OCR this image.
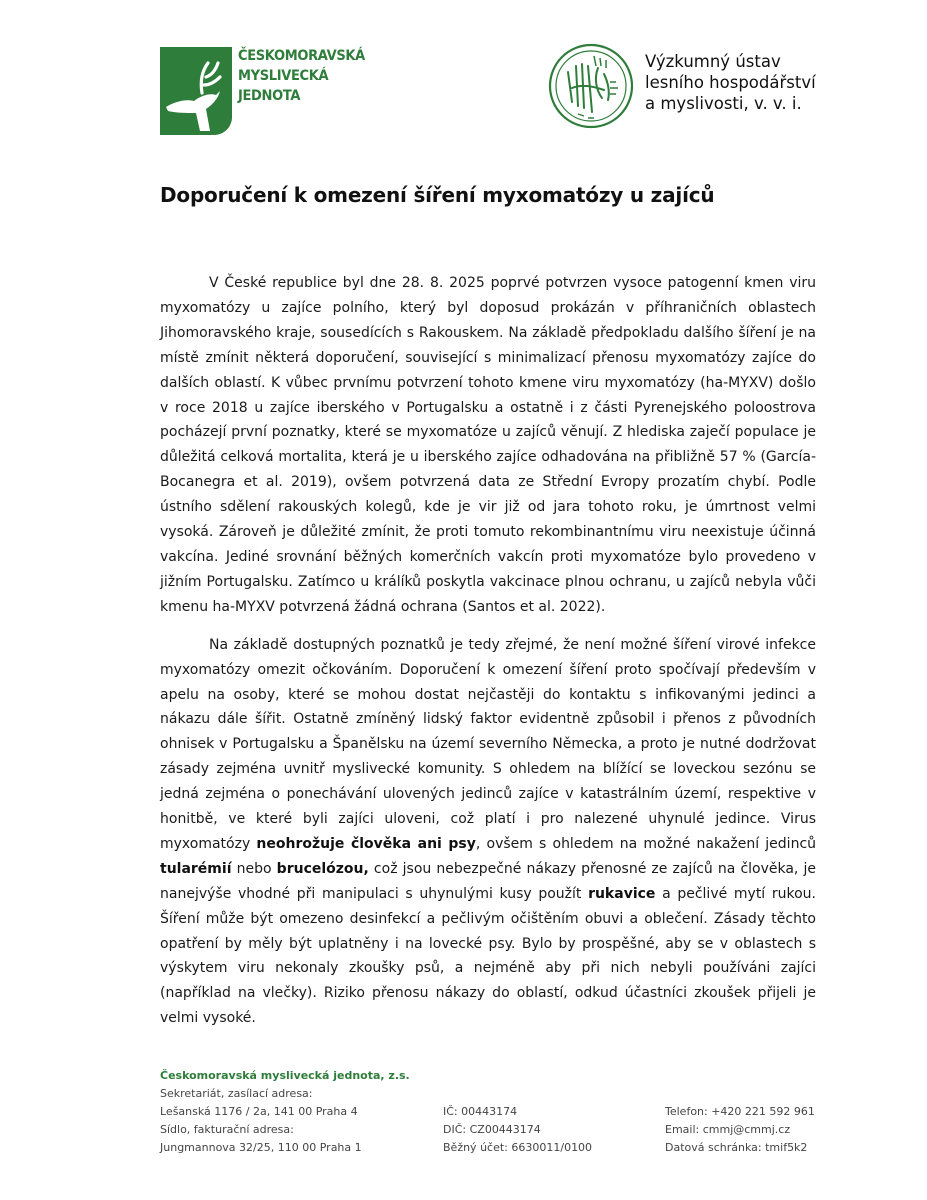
ČESKOMORAVSKÁ
MYSLIVECKÁ
JEDNOTA
Výzkumný ústav
lesního hospodářství
a myslivosti, v. v. i.
Doporučení k omezení šíření myxomatózy u zajíců

V České republice byl dne 28. 8. 2025 poprvé potvrzen vysoce patogenní kmen viru myxomatózy u zajíce polního, který byl doposud prokázán v příhraničních oblastech Jihomoravského kraje, sousedících s Rakouskem. Na základě předpokladu dalšího šíření je na místě zmínit některá doporučení, související s minimalizací přenosu myxomatózy zajíce do dalších oblastí. K vůbec prvnímu potvrzení tohoto kmene viru myxomatózy (ha-MYXV) došlo v roce 2018 u zajíce iberského v Portugalsku a ostatně i z části Pyrenejského poloostrova pocházejí první poznatky, které se myxomatóze u zajíců věnují. Z hlediska zaječí populace je důležitá celková mortalita, která je u iberského zajíce odhadována na přibližně 57 % (García-Bocanegra et al. 2019), ovšem potvrzená data ze Střední Evropy prozatím chybí. Podle ústního sdělení rakouských kolegů, kde je vir již od jara tohoto roku, je úmrtnost velmi vysoká. Zároveň je důležité zmínit, že proti tomuto rekombinantnímu viru neexistuje účinná vakcína. Jediné srovnání běžných komerčních vakcín proti myxomatóze bylo provedeno v jižním Portugalsku. Zatímco u králíků poskytla vakcinace plnou ochranu, u zajíců nebyla vůči kmenu ha-MYXV potvrzená žádná ochrana (Santos et al. 2022).

Na základě dostupných poznatků je tedy zřejmé, že není možné šíření virové infekce myxomatózy omezit očkováním. Doporučení k omezení šíření proto spočívají především v apelu na osoby, které se mohou dostat nejčastěji do kontaktu s infikovanými jedinci a nákazu dále šířit. Ostatně zmíněný lidský faktor evidentně způsobil i přenos z původních ohnisek v Portugalsku a Španělsku na území severního Německa, a proto je nutné dodržovat zásady zejména uvnitř myslivecké komunity. S ohledem na blížící se loveckou sezónu se jedná zejména o ponechávání ulovených jedinců zajíce v katastrálním území, respektive v honitbě, ve které byli zajíci uloveni, což platí i pro nalezené uhynulé jedince. Virus myxomatózy neohrožuje člověka ani psy, ovšem s ohledem na možné nakažení jedinců tularémií nebo brucelózou, což jsou nebezpečné nákazy přenosné ze zajíců na člověka, je nanejvýše vhodné při manipulaci s uhynulými kusy použít rukavice a pečlivé mytí rukou. Šíření může být omezeno desinfekcí a pečlivým očištěním obuvi a oblečení. Zásady těchto opatření by měly být uplatněny i na lovecké psy. Bylo by prospěšné, aby se v oblastech s výskytem viru nekonaly zkoušky psů, a nejméně aby při nich nebyli používáni zajíci (například na vlečky). Riziko přenosu nákazy do oblastí, odkud účastníci zkoušek přijeli je velmi vysoké.

Českomoravská myslivecká jednota, z.s.
Sekretariát, zasílací adresa:
Lešanská 1176 / 2a, 141 00 Praha 4
Sídlo, fakturační adresa:
Jungmannova 32/25, 110 00 Praha 1
IČ: 00443174
DIČ: CZ00443174
Běžný účet: 6630011/0100
Telefon: +420 221 592 961
Email: cmmj@cmmj.cz
Datová schránka: tmif5k2
